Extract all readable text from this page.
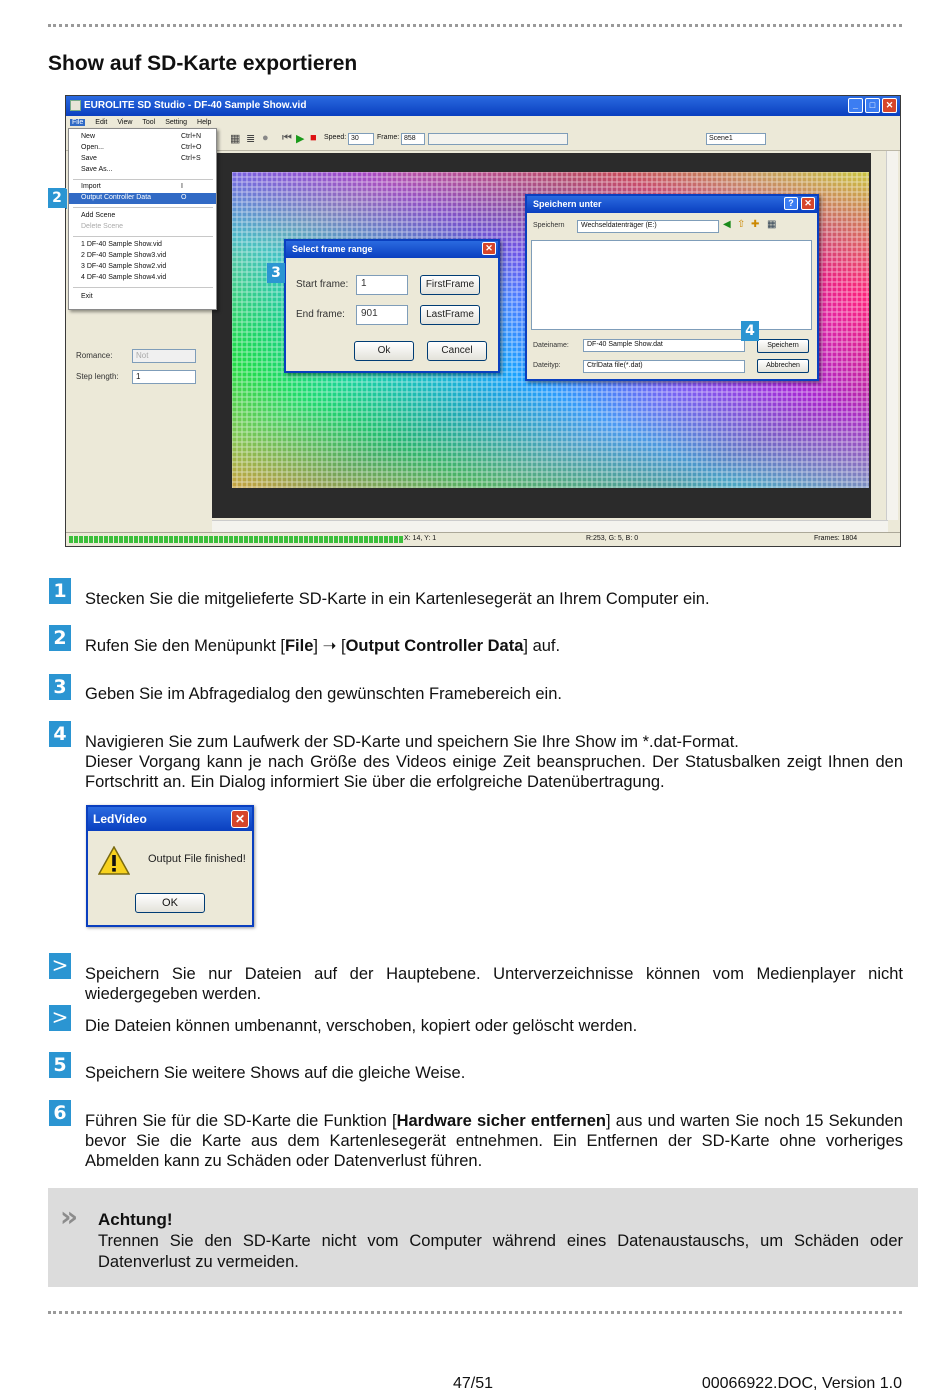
Show auf SD-Karte exportieren
EUROLITE SD Studio - DF-40 Sample Show.vid	_	□	✕
File Edit View Tool Setting Help
▦ ≣ ● ⏮ ▶ ■ Speed: 30	Frame: 858	Scene1
Romance:	Not
Step length:	1
X: 14, Y: 1	R:253, G: 5, B: 0	Frames: 1804
New	Ctrl+N
Open...	Ctrl+O
Save	Ctrl+S
Save As...
Import	I
Output Controller Data	O
Add Scene
Delete Scene
1 DF-40 Sample Show.vid
2 DF-40 Sample Show3.vid
3 DF-40 Sample Show2.vid
4 DF-40 Sample Show4.vid
Exit
Select frame range	✕
Start frame:	1	FirstFrame
End frame:	901	LastFrame
Ok	Cancel
Speichern unter	?	✕
Speichern	Wechseldatenträger (E:)	◀ ⇧ ✚ ▦
Dateiname:	DF-40 Sample Show.dat	Speichern
Dateityp:	CtrlData file(*.dat)	Abbrechen
3
4
2
1 Stecken Sie die mitgelieferte SD-Karte in ein Kartenlesegerät an Ihrem Computer ein.
2 Rufen Sie den Menüpunkt [File] ➝ [Output Controller Data] auf.
3 Geben Sie im Abfragedialog den gewünschten Framebereich ein.
4 Navigieren Sie zum Laufwerk der SD-Karte und speichern Sie Ihre Show im *.dat-Format.
Dieser Vorgang kann je nach Größe des Videos einige Zeit beanspruchen. Der Statusbalken zeigt Ihnen den Fortschritt an. Ein Dialog informiert Sie über die erfolgreiche Datenübertragung.
LedVideo	✕
Output File finished!
OK
> Speichern Sie nur Dateien auf der Hauptebene. Unterverzeichnisse können vom Medienplayer nicht wiedergegeben werden.
> Die Dateien können umbenannt, verschoben, kopiert oder gelöscht werden.
5 Speichern Sie weitere Shows auf die gleiche Weise.
6 Führen Sie für die SD-Karte die Funktion [Hardware sicher entfernen] aus und warten Sie noch 15 Sekunden bevor Sie die Karte aus dem Kartenlesegerät entnehmen. Ein Entfernen der SD-Karte ohne vorheriges Abmelden kann zu Schäden oder Datenverlust führen.
» Achtung!
Trennen Sie den SD-Karte nicht vom Computer während eines Datenaustauschs, um Schäden oder Datenverlust zu vermeiden.
47/51	00066922.DOC, Version 1.0
